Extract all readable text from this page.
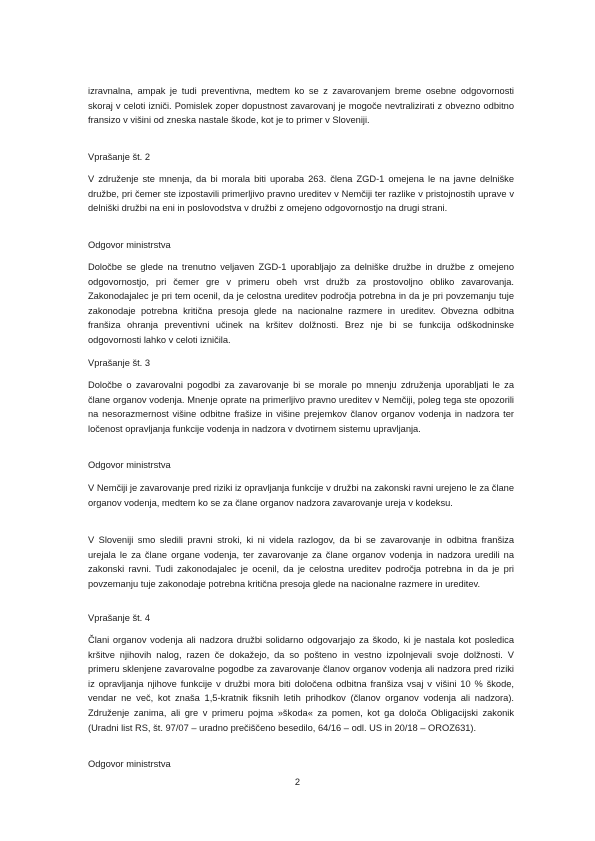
izravnalna, ampak je tudi preventivna, medtem ko se z zavarovanjem breme osebne odgovornosti skoraj v celoti izniči. Pomislek zoper dopustnost zavarovanj je mogoče nevtralizirati z obvezno odbitno fransizo v višini od zneska nastale škode, kot je to primer v Sloveniji.

Vprašanje št. 2

V združenje ste mnenja, da bi morala biti uporaba 263. člena ZGD-1 omejena le na javne delniške družbe, pri čemer ste izpostavili primerljivo pravno ureditev v Nemčiji ter razlike v pristojnostih uprave v delniški družbi na eni in poslovodstva v družbi z omejeno odgovornostjo na drugi strani.

Odgovor ministrstva

Določbe se glede na trenutno veljaven ZGD-1 uporabljajo za delniške družbe in družbe z omejeno odgovornostjo, pri čemer gre v primeru obeh vrst družb za prostovoljno obliko zavarovanja. Zakonodajalec je pri tem ocenil, da je celostna ureditev področja potrebna in da je pri povzemanju tuje zakonodaje potrebna kritična presoja glede na nacionalne razmere in ureditev. Obvezna odbitna franšiza ohranja preventivni učinek na kršitev dolžnosti. Brez nje bi se funkcija odškodninske odgovornosti lahko v celoti izničila.

Vprašanje št. 3

Določbe o zavarovalni pogodbi za zavarovanje bi se morale po mnenju združenja uporabljati le za člane organov vodenja. Mnenje oprate na primerljivo pravno ureditev v Nemčiji, poleg tega ste opozorili na nesorazmernost višine odbitne frašize in višine prejemkov članov organov vodenja in nadzora ter ločenost opravljanja funkcije vodenja in nadzora v dvotirnem sistemu upravljanja.

Odgovor ministrstva

V Nemčiji je zavarovanje pred riziki iz opravljanja funkcije v družbi na zakonski ravni urejeno le za člane organov vodenja, medtem ko se za člane organov nadzora zavarovanje ureja v kodeksu.

V Sloveniji smo sledili pravni stroki, ki ni videla razlogov, da bi se zavarovanje in odbitna franšiza urejala le za člane organe vodenja, ter zavarovanje za člane organov vodenja in nadzora uredili na zakonski ravni. Tudi zakonodajalec je ocenil, da je celostna ureditev področja potrebna in da je pri povzemanju tuje zakonodaje potrebna kritična presoja glede na nacionalne razmere in ureditev.

Vprašanje št. 4

Člani organov vodenja ali nadzora družbi solidarno odgovarjajo za škodo, ki je nastala kot posledica kršitve njihovih nalog, razen če dokažejo, da so pošteno in vestno izpolnjevali svoje dolžnosti. V primeru sklenjene zavarovalne pogodbe za zavarovanje članov organov vodenja ali nadzora pred riziki iz opravljanja njihove funkcije v družbi mora biti določena odbitna franšiza vsaj v višini 10 % škode, vendar ne več, kot znaša 1,5-kratnik fiksnih letih prihodkov (članov organov vodenja ali nadzora). Združenje zanima, ali gre v primeru pojma »škoda« za pomen, kot ga določa Obligacijski zakonik (Uradni list RS, št. 97/07 – uradno prečiščeno besedilo, 64/16 – odl. US in 20/18 – OROZ631).

Odgovor ministrstva

2
